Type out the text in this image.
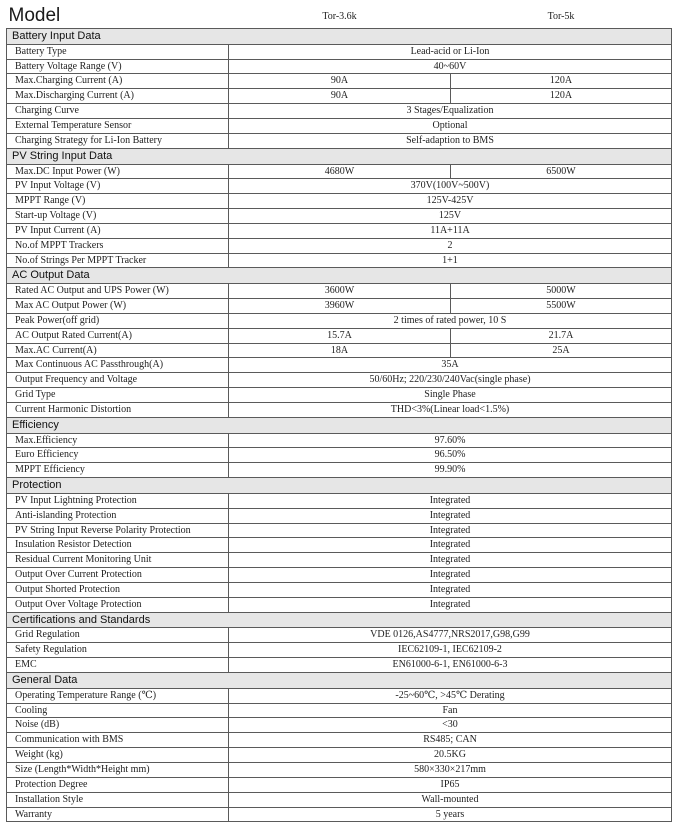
Model	Tor-3.6k	Tor-5k
Battery Input Data		
Battery Type	Lead-acid or Li-Ion	
Battery Voltage Range (V)	40~60V	
Max.Charging Current (A)	90A	120A
Max.Discharging Current (A)	90A	120A
Charging Curve	3 Stages/Equalization	
External Temperature Sensor	Optional	
Charging Strategy for Li-Ion Battery	Self-adaption to BMS	
PV String Input Data		
Max.DC Input Power (W)	4680W	6500W
PV Input Voltage (V)	370V(100V~500V)	
MPPT Range (V)	125V-425V	
Start-up Voltage (V)	125V	
PV Input Current (A)	11A+11A	
No.of MPPT Trackers	2	
No.of Strings Per MPPT Tracker	1+1	
AC Output Data		
Rated AC Output and UPS Power (W)	3600W	5000W
Max AC Output Power (W)	3960W	5500W
Peak Power(off grid)	2 times of rated power, 10 S	
AC Output Rated Current(A)	15.7A	21.7A
Max.AC Current(A)	18A	25A
Max Continuous AC Passthrough(A)	35A	
Output Frequency and Voltage	50/60Hz; 220/230/240Vac(single phase)	
Grid Type	Single Phase	
Current Harmonic Distortion	THD<3%(Linear load<1.5%)	
Efficiency		
Max.Efficiency	97.60%	
Euro Efficiency	96.50%	
MPPT Efficiency	99.90%	
Protection		
PV Input Lightning Protection	Integrated	
Anti-islanding Protection	Integrated	
PV String Input Reverse Polarity Protection	Integrated	
Insulation Resistor Detection	Integrated	
Residual Current Monitoring Unit	Integrated	
Output Over Current Protection	Integrated	
Output Shorted Protection	Integrated	
Output Over Voltage Protection	Integrated	
Certifications and Standards		
Grid Regulation	VDE 0126,AS4777,NRS2017,G98,G99	
Safety Regulation	IEC62109-1, IEC62109-2	
EMC	EN61000-6-1, EN61000-6-3	
General Data		
Operating Temperature Range (℃)	-25~60℃, >45℃ Derating	
Cooling	Fan	
Noise (dB)	<30	
Communication with BMS	RS485; CAN	
Weight (kg)	20.5KG	
Size (Length*Width*Height mm)	580×330×217mm	
Protection Degree	IP65	
Installation Style	Wall-mounted	
Warranty	5 years	
